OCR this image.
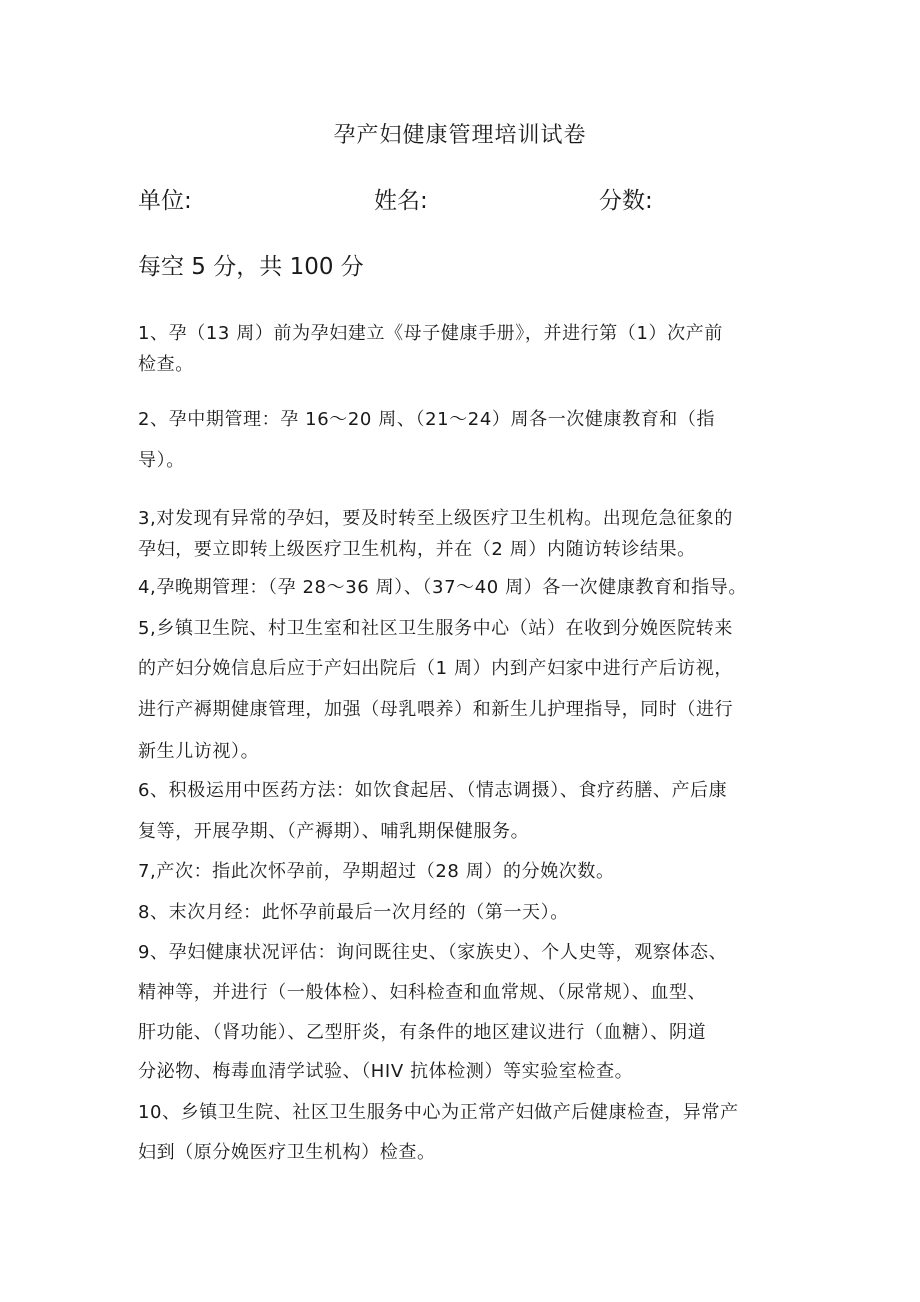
孕产妇健康管理培训试卷
单位:	姓名:	分数:
每空 5 分，共 100 分
1、孕（13 周）前为孕妇建立《母子健康手册》，并进行第（1）次产前
检查。
2、孕中期管理：孕 16～20 周、（21～24）周各一次健康教育和（指
导）。
3,对发现有异常的孕妇，要及时转至上级医疗卫生机构。出现危急征象的
孕妇，要立即转上级医疗卫生机构，并在（2 周）内随访转诊结果。
4,孕晚期管理：（孕 28～36 周）、（37～40 周）各一次健康教育和指导。
5,乡镇卫生院、村卫生室和社区卫生服务中心（站）在收到分娩医院转来
的产妇分娩信息后应于产妇出院后（1 周）内到产妇家中进行产后访视，
进行产褥期健康管理，加强（母乳喂养）和新生儿护理指导，同时（进行
新生儿访视）。
6、积极运用中医药方法：如饮食起居、（情志调摄）、食疗药膳、产后康
复等，开展孕期、（产褥期）、哺乳期保健服务。
7,产次：指此次怀孕前，孕期超过（28 周）的分娩次数。
8、末次月经：此怀孕前最后一次月经的（第一天）。
9、孕妇健康状况评估：询问既往史、（家族史）、个人史等，观察体态、
精神等，并进行（一般体检）、妇科检查和血常规、（尿常规）、血型、
肝功能、（肾功能）、乙型肝炎，有条件的地区建议进行（血糖）、阴道
分泌物、梅毒血清学试验、（HIV 抗体检测）等实验室检查。
10、乡镇卫生院、社区卫生服务中心为正常产妇做产后健康检查，异常产
妇到（原分娩医疗卫生机构）检查。
